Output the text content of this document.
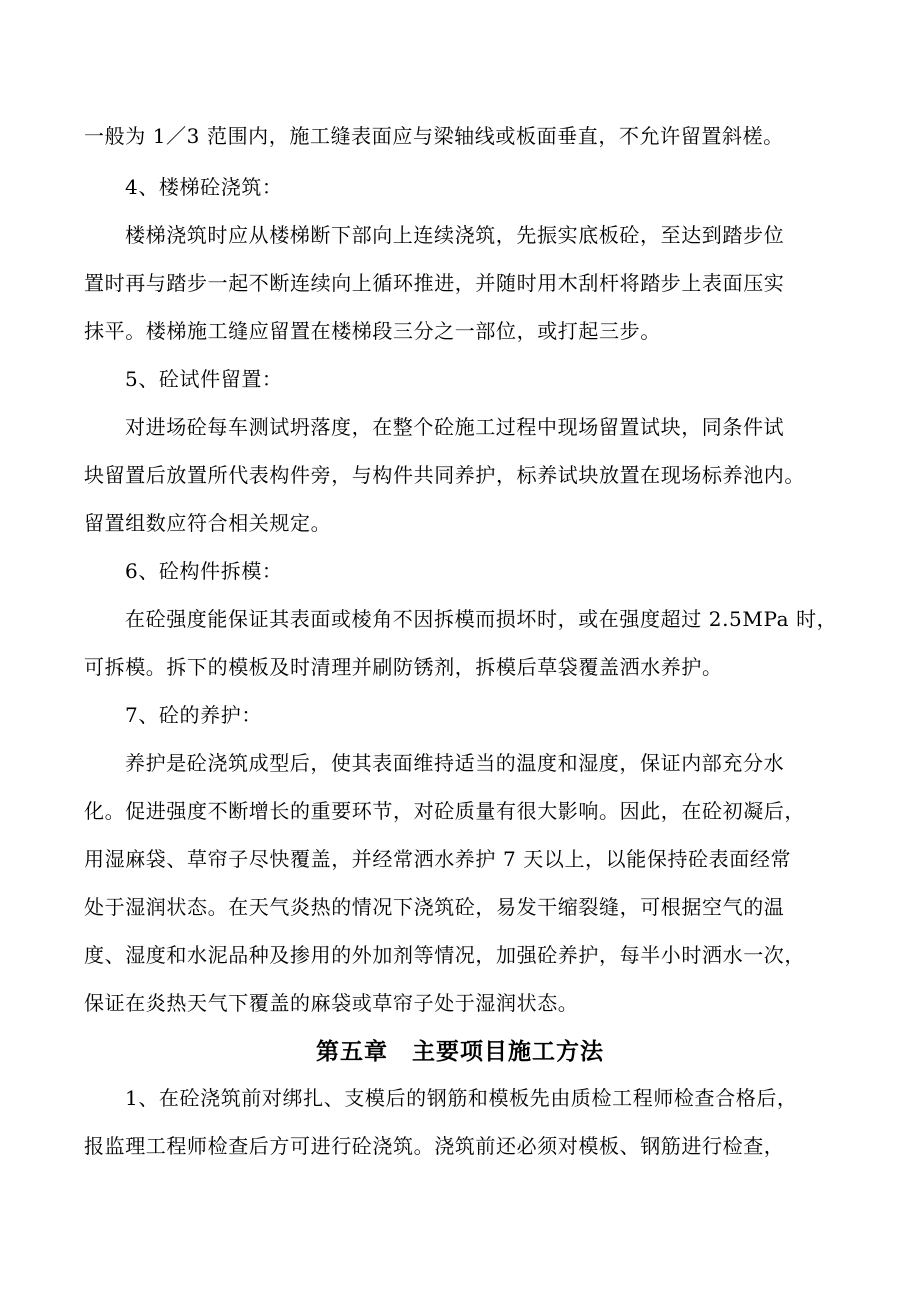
一般为 1／3 范围内，施工缝表面应与梁轴线或板面垂直，不允许留置斜槎。
4、楼梯砼浇筑：
楼梯浇筑时应从楼梯断下部向上连续浇筑，先振实底板砼，至达到踏步位
置时再与踏步一起不断连续向上循环推进，并随时用木刮杆将踏步上表面压实
抹平。楼梯施工缝应留置在楼梯段三分之一部位，或打起三步。
5、砼试件留置：
对进场砼每车测试坍落度，在整个砼施工过程中现场留置试块，同条件试
块留置后放置所代表构件旁，与构件共同养护，标养试块放置在现场标养池内。
留置组数应符合相关规定。
6、砼构件拆模：
在砼强度能保证其表面或棱角不因拆模而损坏时，或在强度超过 2.5MPa 时，
可拆模。拆下的模板及时清理并刷防锈剂，拆模后草袋覆盖洒水养护。
7、砼的养护：
养护是砼浇筑成型后，使其表面维持适当的温度和湿度，保证内部充分水
化。促进强度不断增长的重要环节，对砼质量有很大影响。因此，在砼初凝后，
用湿麻袋、草帘子尽快覆盖，并经常洒水养护 7 天以上，以能保持砼表面经常
处于湿润状态。在天气炎热的情况下浇筑砼，易发干缩裂缝，可根据空气的温
度、湿度和水泥品种及掺用的外加剂等情况，加强砼养护，每半小时洒水一次，
保证在炎热天气下覆盖的麻袋或草帘子处于湿润状态。
第五章　主要项目施工方法
1、在砼浇筑前对绑扎、支模后的钢筋和模板先由质检工程师检查合格后，
报监理工程师检查后方可进行砼浇筑。浇筑前还必须对模板、钢筋进行检查，
